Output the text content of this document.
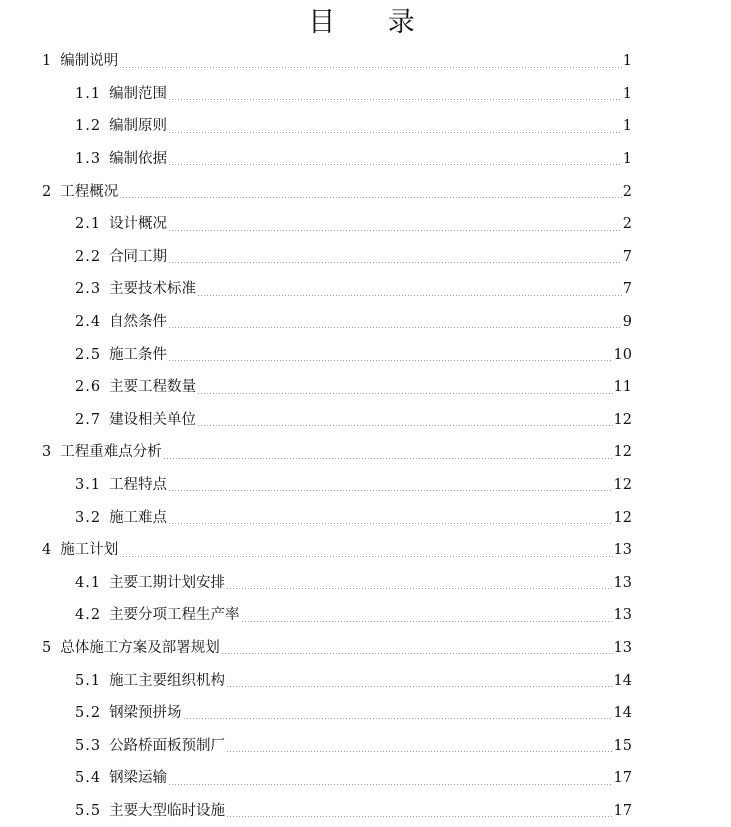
目 录
1 编制说明	1
1.1 编制范围	1
1.2 编制原则	1
1.3 编制依据	1
2 工程概况	2
2.1 设计概况	2
2.2 合同工期	7
2.3 主要技术标准	7
2.4 自然条件	9
2.5 施工条件	10
2.6 主要工程数量	11
2.7 建设相关单位	12
3 工程重难点分析	12
3.1 工程特点	12
3.2 施工难点	12
4 施工计划	13
4.1 主要工期计划安排	13
4.2 主要分项工程生产率	13
5 总体施工方案及部署规划	13
5.1 施工主要组织机构	14
5.2 钢梁预拼场	14
5.3 公路桥面板预制厂	15
5.4 钢梁运输	17
5.5 主要大型临时设施	17
